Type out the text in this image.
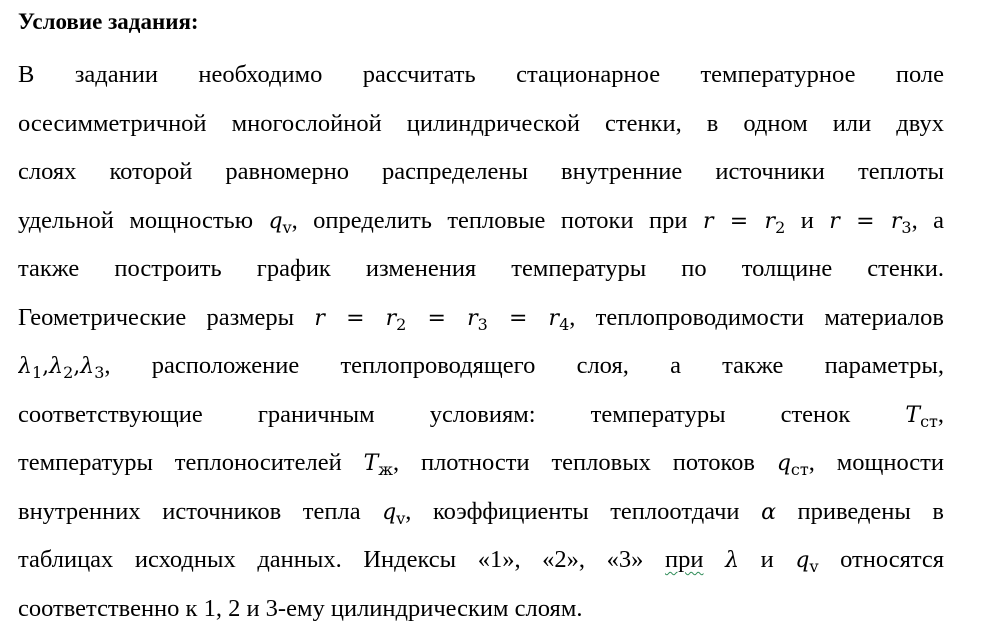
Условие задания:
В задании необходимо рассчитать стационарное температурное поле
осесимметричной многослойной цилиндрической стенки, в одном или двух
слоях которой равномерно распределены внутренние источники теплоты
удельной мощностью $q_v$, определить тепловые потоки при $r = r_2$ и $r = r_3$, а
также построить график изменения температуры по толщине стенки.
Геометрические размеры $r = r_2 = r_3 = r_4$, теплопроводимости материалов
$\lambda_1,\lambda_2,\lambda_3$, расположение теплопроводящего слоя, а также параметры,
соответствующие граничным условиям: температуры стенок $T_{ст}$,
температуры теплоносителей $T_ж$, плотности тепловых потоков $q_{ст}$, мощности
внутренних источников тепла $q_v$, коэффициенты теплоотдачи α приведены в
таблицах исходных данных. Индексы «1», «2», «3» при λ и $q_v$ относятся
соответственно к 1, 2 и 3-ему цилиндрическим слоям.
